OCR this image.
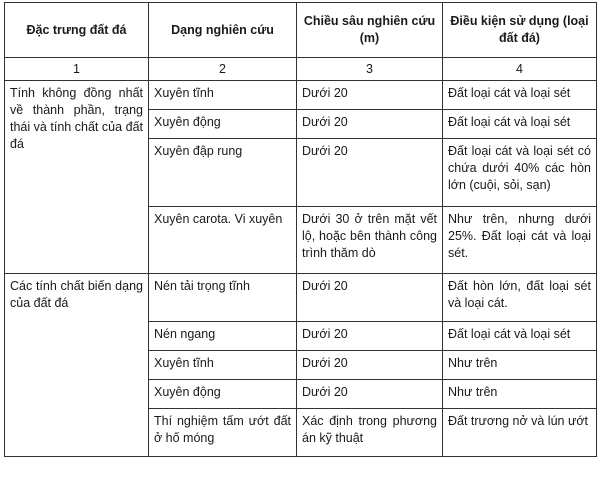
Đặc trưng đất đá	Dạng nghiên cứu	Chiều sâu nghiên cứu (m)	Điều kiện sử dụng (loại đất đá)
1	2	3	4
Tính không đồng nhất về thành phần, trạng thái và tính chất của đất đá	Xuyên tĩnh	Dưới 20	Đất loại cát và loại sét
	Xuyên động	Dưới 20	Đất loại cát và loại sét
	Xuyên đập rung	Dưới 20	Đất loại cát và loại sét có chứa dưới 40% các hòn lớn (cuội, sỏi, sạn)
	Xuyên carota. Vi xuyên	Dưới 30 ở trên mặt vết lộ, hoặc bên thành công trình thăm dò	Như trên, nhưng dưới 25%. Đất loại cát và loại sét.
Các tính chất biến dạng của đất đá	Nén tải trọng tĩnh	Dưới 20	Đất hòn lớn, đất loại sét và loại cát.
	Nén ngang	Dưới 20	Đất loại cát và loại sét
	Xuyên tĩnh	Dưới 20	Như trên
	Xuyên động	Dưới 20	Như trên
	Thí nghiệm tấm ướt đất ở hố móng	Xác định trong phương án kỹ thuật	Đất trương nở và lún ướt
